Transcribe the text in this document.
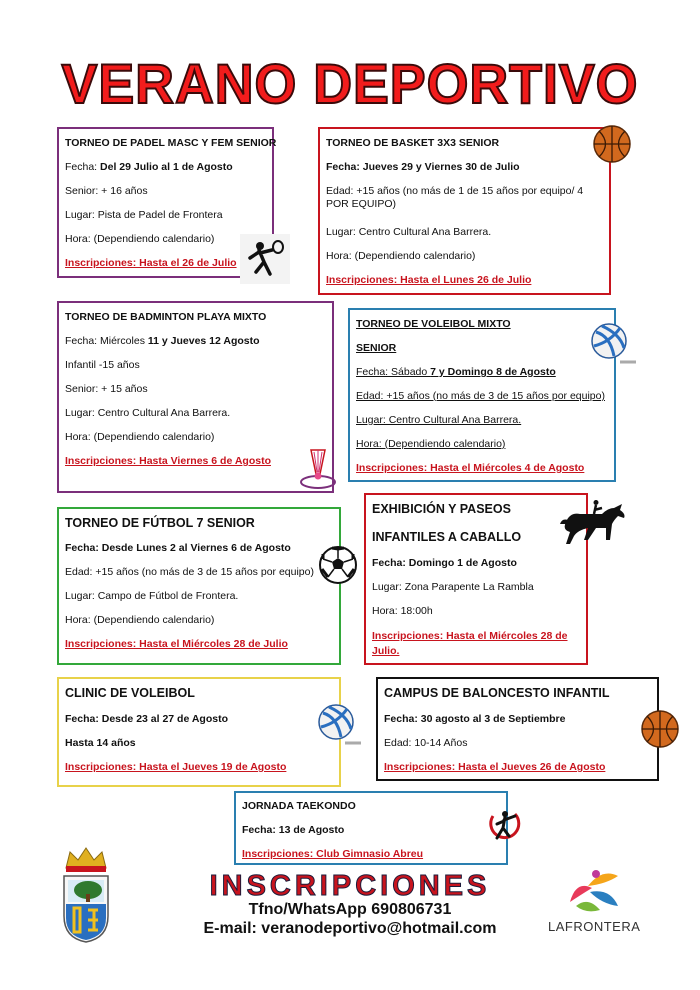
VERANO DEPORTIVO
TORNEO DE PADEL MASC Y FEM SENIOR
Fecha: Del 29 Julio al 1 de Agosto
Senior: + 16 años
Lugar: Pista de Padel de Frontera
Hora: (Dependiendo calendario)
Inscripciones: Hasta el 26 de Julio
TORNEO DE BASKET 3X3 SENIOR
Fecha: Jueves 29 y Viernes 30 de Julio
Edad: +15 años (no más de 1 de 15 años por equipo/ 4 POR EQUIPO)
Lugar: Centro Cultural Ana Barrera.
Hora: (Dependiendo calendario)
Inscripciones: Hasta el Lunes 26 de Julio
TORNEO DE BADMINTON PLAYA MIXTO
Fecha: Miércoles 11 y Jueves 12 Agosto
Infantil -15 años
Senior: + 15 años
Lugar: Centro Cultural Ana Barrera.
Hora: (Dependiendo calendario)
Inscripciones: Hasta Viernes 6 de Agosto
TORNEO DE VOLEIBOL MIXTO
SENIOR
Fecha: Sábado 7 y Domingo 8 de Agosto
Edad: +15 años (no más de 3 de 15 años por equipo)
Lugar: Centro Cultural Ana Barrera.
Hora: (Dependiendo calendario)
Inscripciones: Hasta el Miércoles 4 de Agosto
TORNEO DE FÚTBOL 7 SENIOR
Fecha: Desde Lunes 2 al Viernes 6 de Agosto
Edad: +15 años (no más de 3 de 15 años por equipo)
Lugar: Campo de Fútbol de Frontera.
Hora: (Dependiendo calendario)
Inscripciones: Hasta el Miércoles 28 de Julio
EXHIBICIÓN Y PASEOS
INFANTILES A CABALLO
Fecha: Domingo 1 de Agosto
Lugar: Zona Parapente La Rambla
Hora: 18:00h
Inscripciones: Hasta el Miércoles 28 de Julio.
CLINIC DE VOLEIBOL
Fecha: Desde 23 al 27 de Agosto
Hasta 14 años
Inscripciones: Hasta el Jueves 19 de Agosto
CAMPUS DE BALONCESTO INFANTIL
Fecha: 30 agosto al 3 de Septiembre
Edad: 10-14 Años
Inscripciones: Hasta el Jueves 26 de Agosto
JORNADA TAEKONDO
Fecha: 13 de Agosto
Inscripciones: Club Gimnasio Abreu
INSCRIPCIONES
Tfno/WhatsApp 690806731
E-mail: veranodeportivo@hotmail.com	LAFRONTERA
